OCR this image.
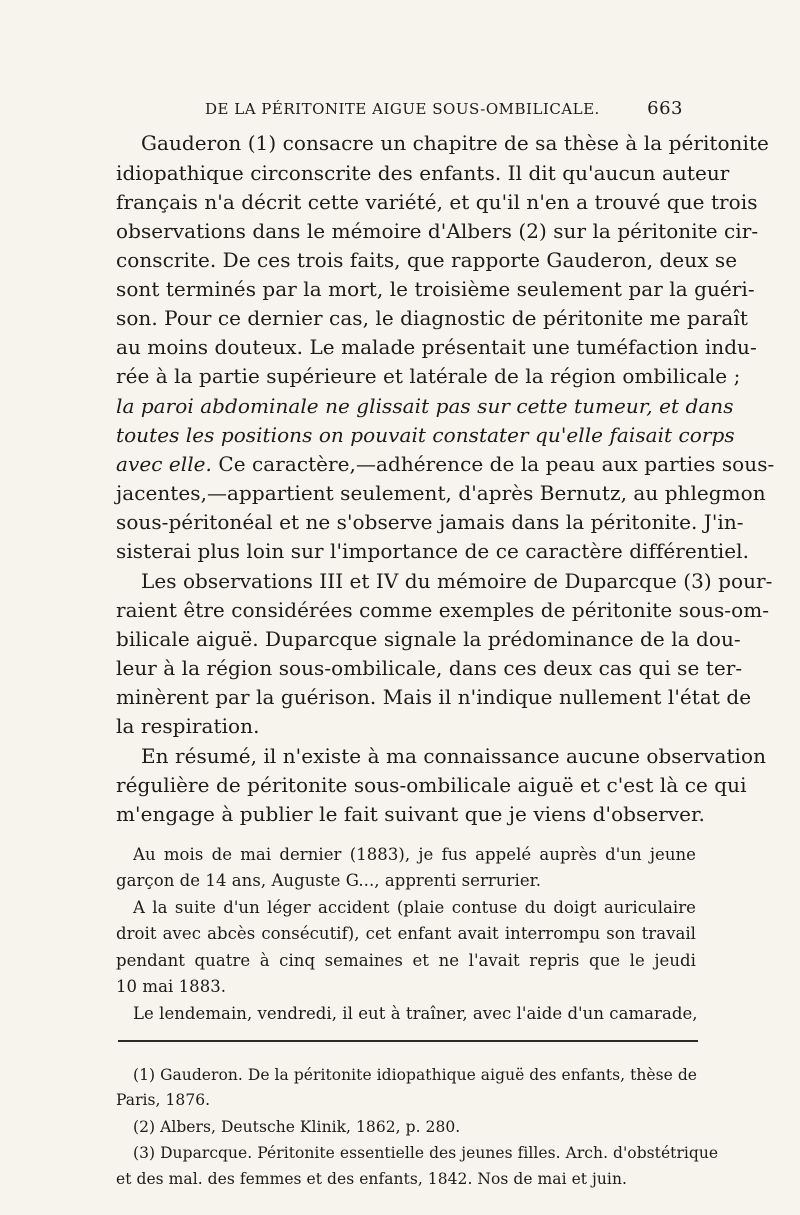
DE LA PÉRITONITE AIGUE SOUS-OMBILICALE.	663
Gauderon (1) consacre un chapitre de sa thèse à la péritonite
idiopathique circonscrite des enfants. Il dit qu'aucun auteur
français n'a décrit cette variété, et qu'il n'en a trouvé que trois
observations dans le mémoire d'Albers (2) sur la péritonite cir-
conscrite. De ces trois faits, que rapporte Gauderon, deux se
sont terminés par la mort, le troisième seulement par la guéri-
son. Pour ce dernier cas, le diagnostic de péritonite me paraît
au moins douteux. Le malade présentait une tuméfaction indu-
rée à la partie supérieure et latérale de la région ombilicale ;
la paroi abdominale ne glissait pas sur cette tumeur, et dans
toutes les positions on pouvait constater qu'elle faisait corps
avec elle. Ce caractère,—adhérence de la peau aux parties sous-
jacentes,—appartient seulement, d'après Bernutz, au phlegmon
sous-péritonéal et ne s'observe jamais dans la péritonite. J'in-
sisterai plus loin sur l'importance de ce caractère différentiel.
Les observations III et IV du mémoire de Duparcque (3) pour-
raient être considérées comme exemples de péritonite sous-om-
bilicale aiguë. Duparcque signale la prédominance de la dou-
leur à la région sous-ombilicale, dans ces deux cas qui se ter-
minèrent par la guérison. Mais il n'indique nullement l'état de
la respiration.
En résumé, il n'existe à ma connaissance aucune observation
régulière de péritonite sous-ombilicale aiguë et c'est là ce qui
m'engage à publier le fait suivant que je viens d'observer.
Au mois de mai dernier (1883), je fus appelé auprès d'un jeune
garçon de 14 ans, Auguste G..., apprenti serrurier.
A la suite d'un léger accident (plaie contuse du doigt auriculaire
droit avec abcès consécutif), cet enfant avait interrompu son travail
pendant quatre à cinq semaines et ne l'avait repris que le jeudi
10 mai 1883.
Le lendemain, vendredi, il eut à traîner, avec l'aide d'un camarade,
(1) Gauderon. De la péritonite idiopathique aiguë des enfants, thèse de
Paris, 1876.
(2) Albers, Deutsche Klinik, 1862, p. 280.
(3) Duparcque. Péritonite essentielle des jeunes filles. Arch. d'obstétrique
et des mal. des femmes et des enfants, 1842. Nos de mai et juin.
